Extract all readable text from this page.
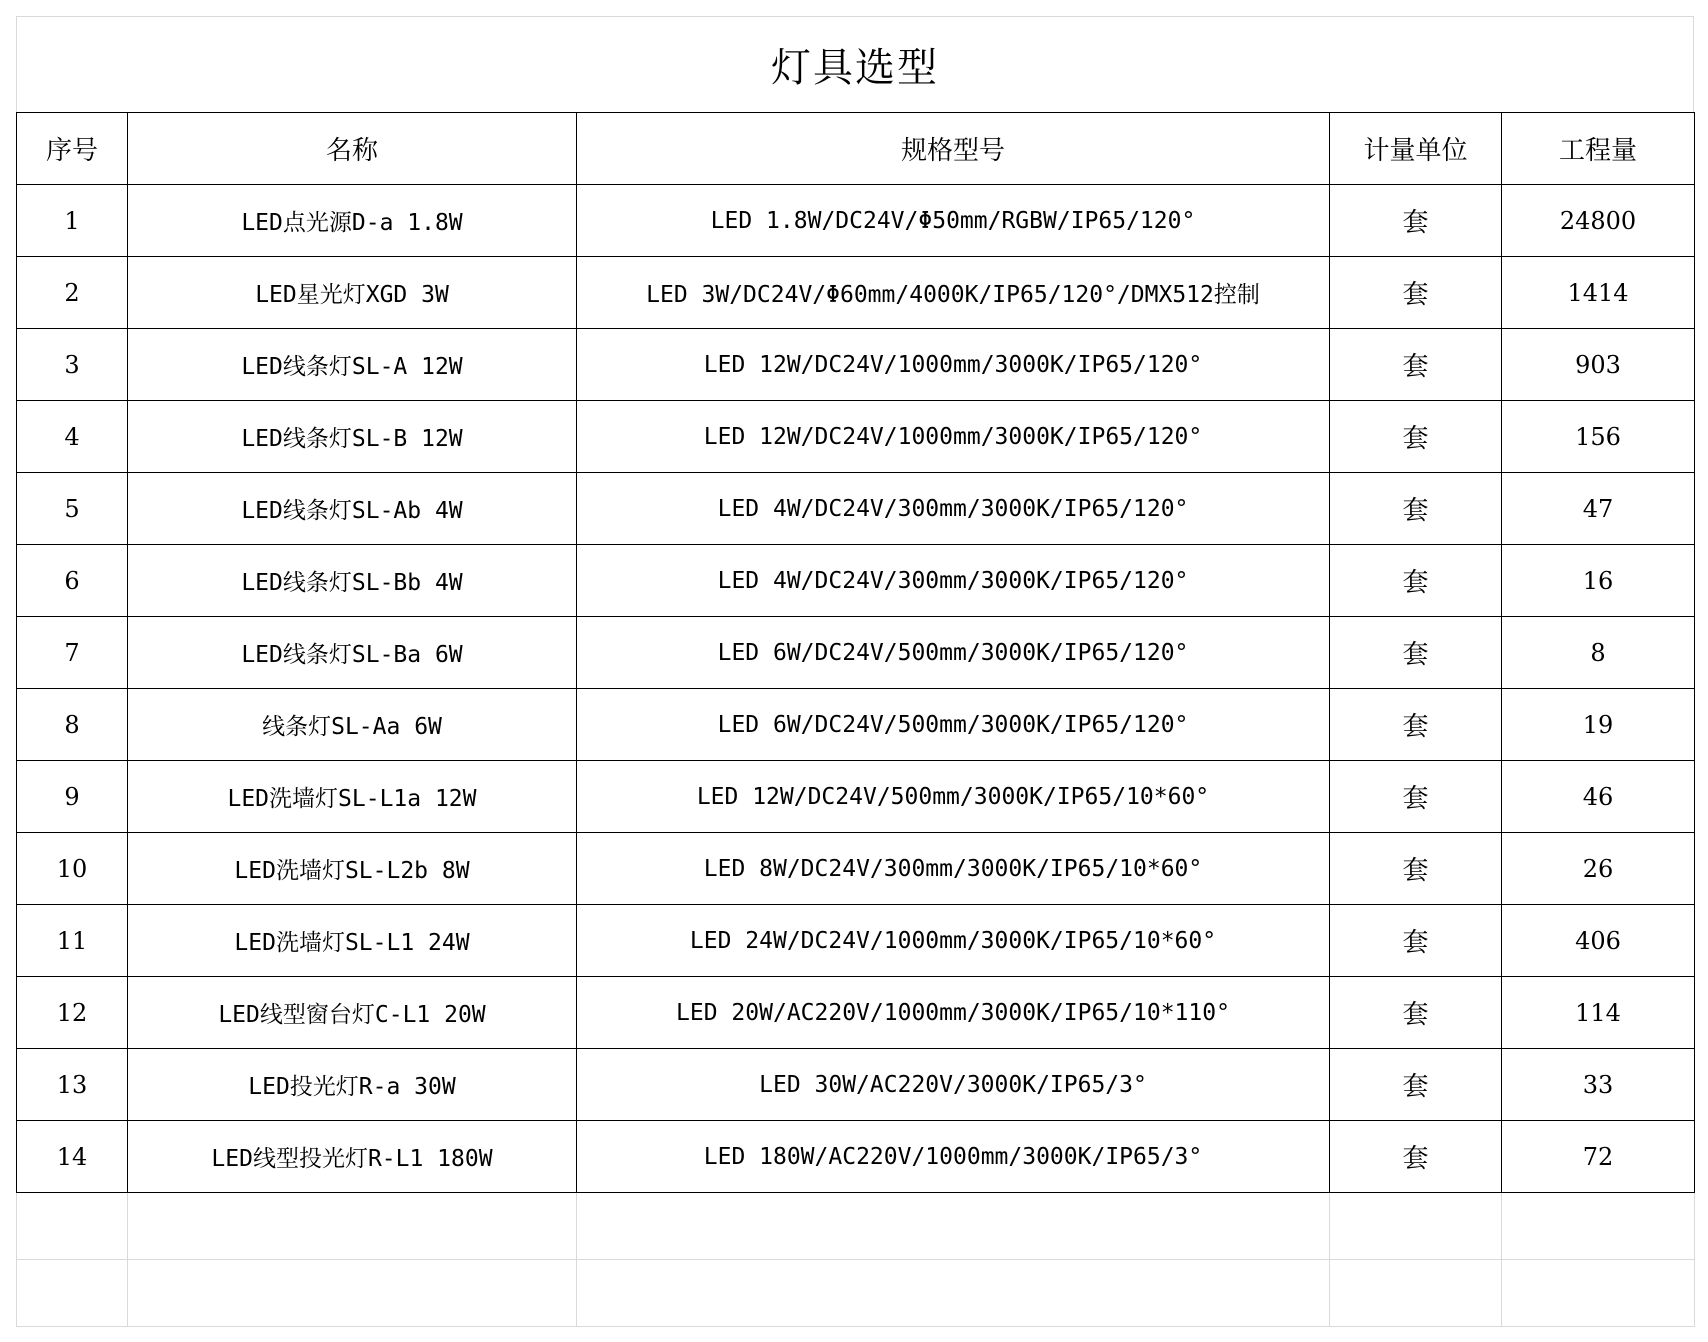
灯具选型
序号	名称	规格型号	计量单位	工程量
1	LED点光源D-a 1.8W	LED 1.8W/DC24V/Φ50mm/RGBW/IP65/120°	套	24800
2	LED星光灯XGD 3W	LED 3W/DC24V/Φ60mm/4000K/IP65/120°/DMX512控制	套	1414
3	LED线条灯SL-A 12W	LED 12W/DC24V/1000mm/3000K/IP65/120°	套	903
4	LED线条灯SL-B 12W	LED 12W/DC24V/1000mm/3000K/IP65/120°	套	156
5	LED线条灯SL-Ab 4W	LED 4W/DC24V/300mm/3000K/IP65/120°	套	47
6	LED线条灯SL-Bb 4W	LED 4W/DC24V/300mm/3000K/IP65/120°	套	16
7	LED线条灯SL-Ba 6W	LED 6W/DC24V/500mm/3000K/IP65/120°	套	8
8	线条灯SL-Aa 6W	LED 6W/DC24V/500mm/3000K/IP65/120°	套	19
9	LED洗墙灯SL-L1a 12W	LED 12W/DC24V/500mm/3000K/IP65/10*60°	套	46
10	LED洗墙灯SL-L2b 8W	LED 8W/DC24V/300mm/3000K/IP65/10*60°	套	26
11	LED洗墙灯SL-L1 24W	LED 24W/DC24V/1000mm/3000K/IP65/10*60°	套	406
12	LED线型窗台灯C-L1 20W	LED 20W/AC220V/1000mm/3000K/IP65/10*110°	套	114
13	LED投光灯R-a 30W	LED 30W/AC220V/3000K/IP65/3°	套	33
14	LED线型投光灯R-L1 180W	LED 180W/AC220V/1000mm/3000K/IP65/3°	套	72
